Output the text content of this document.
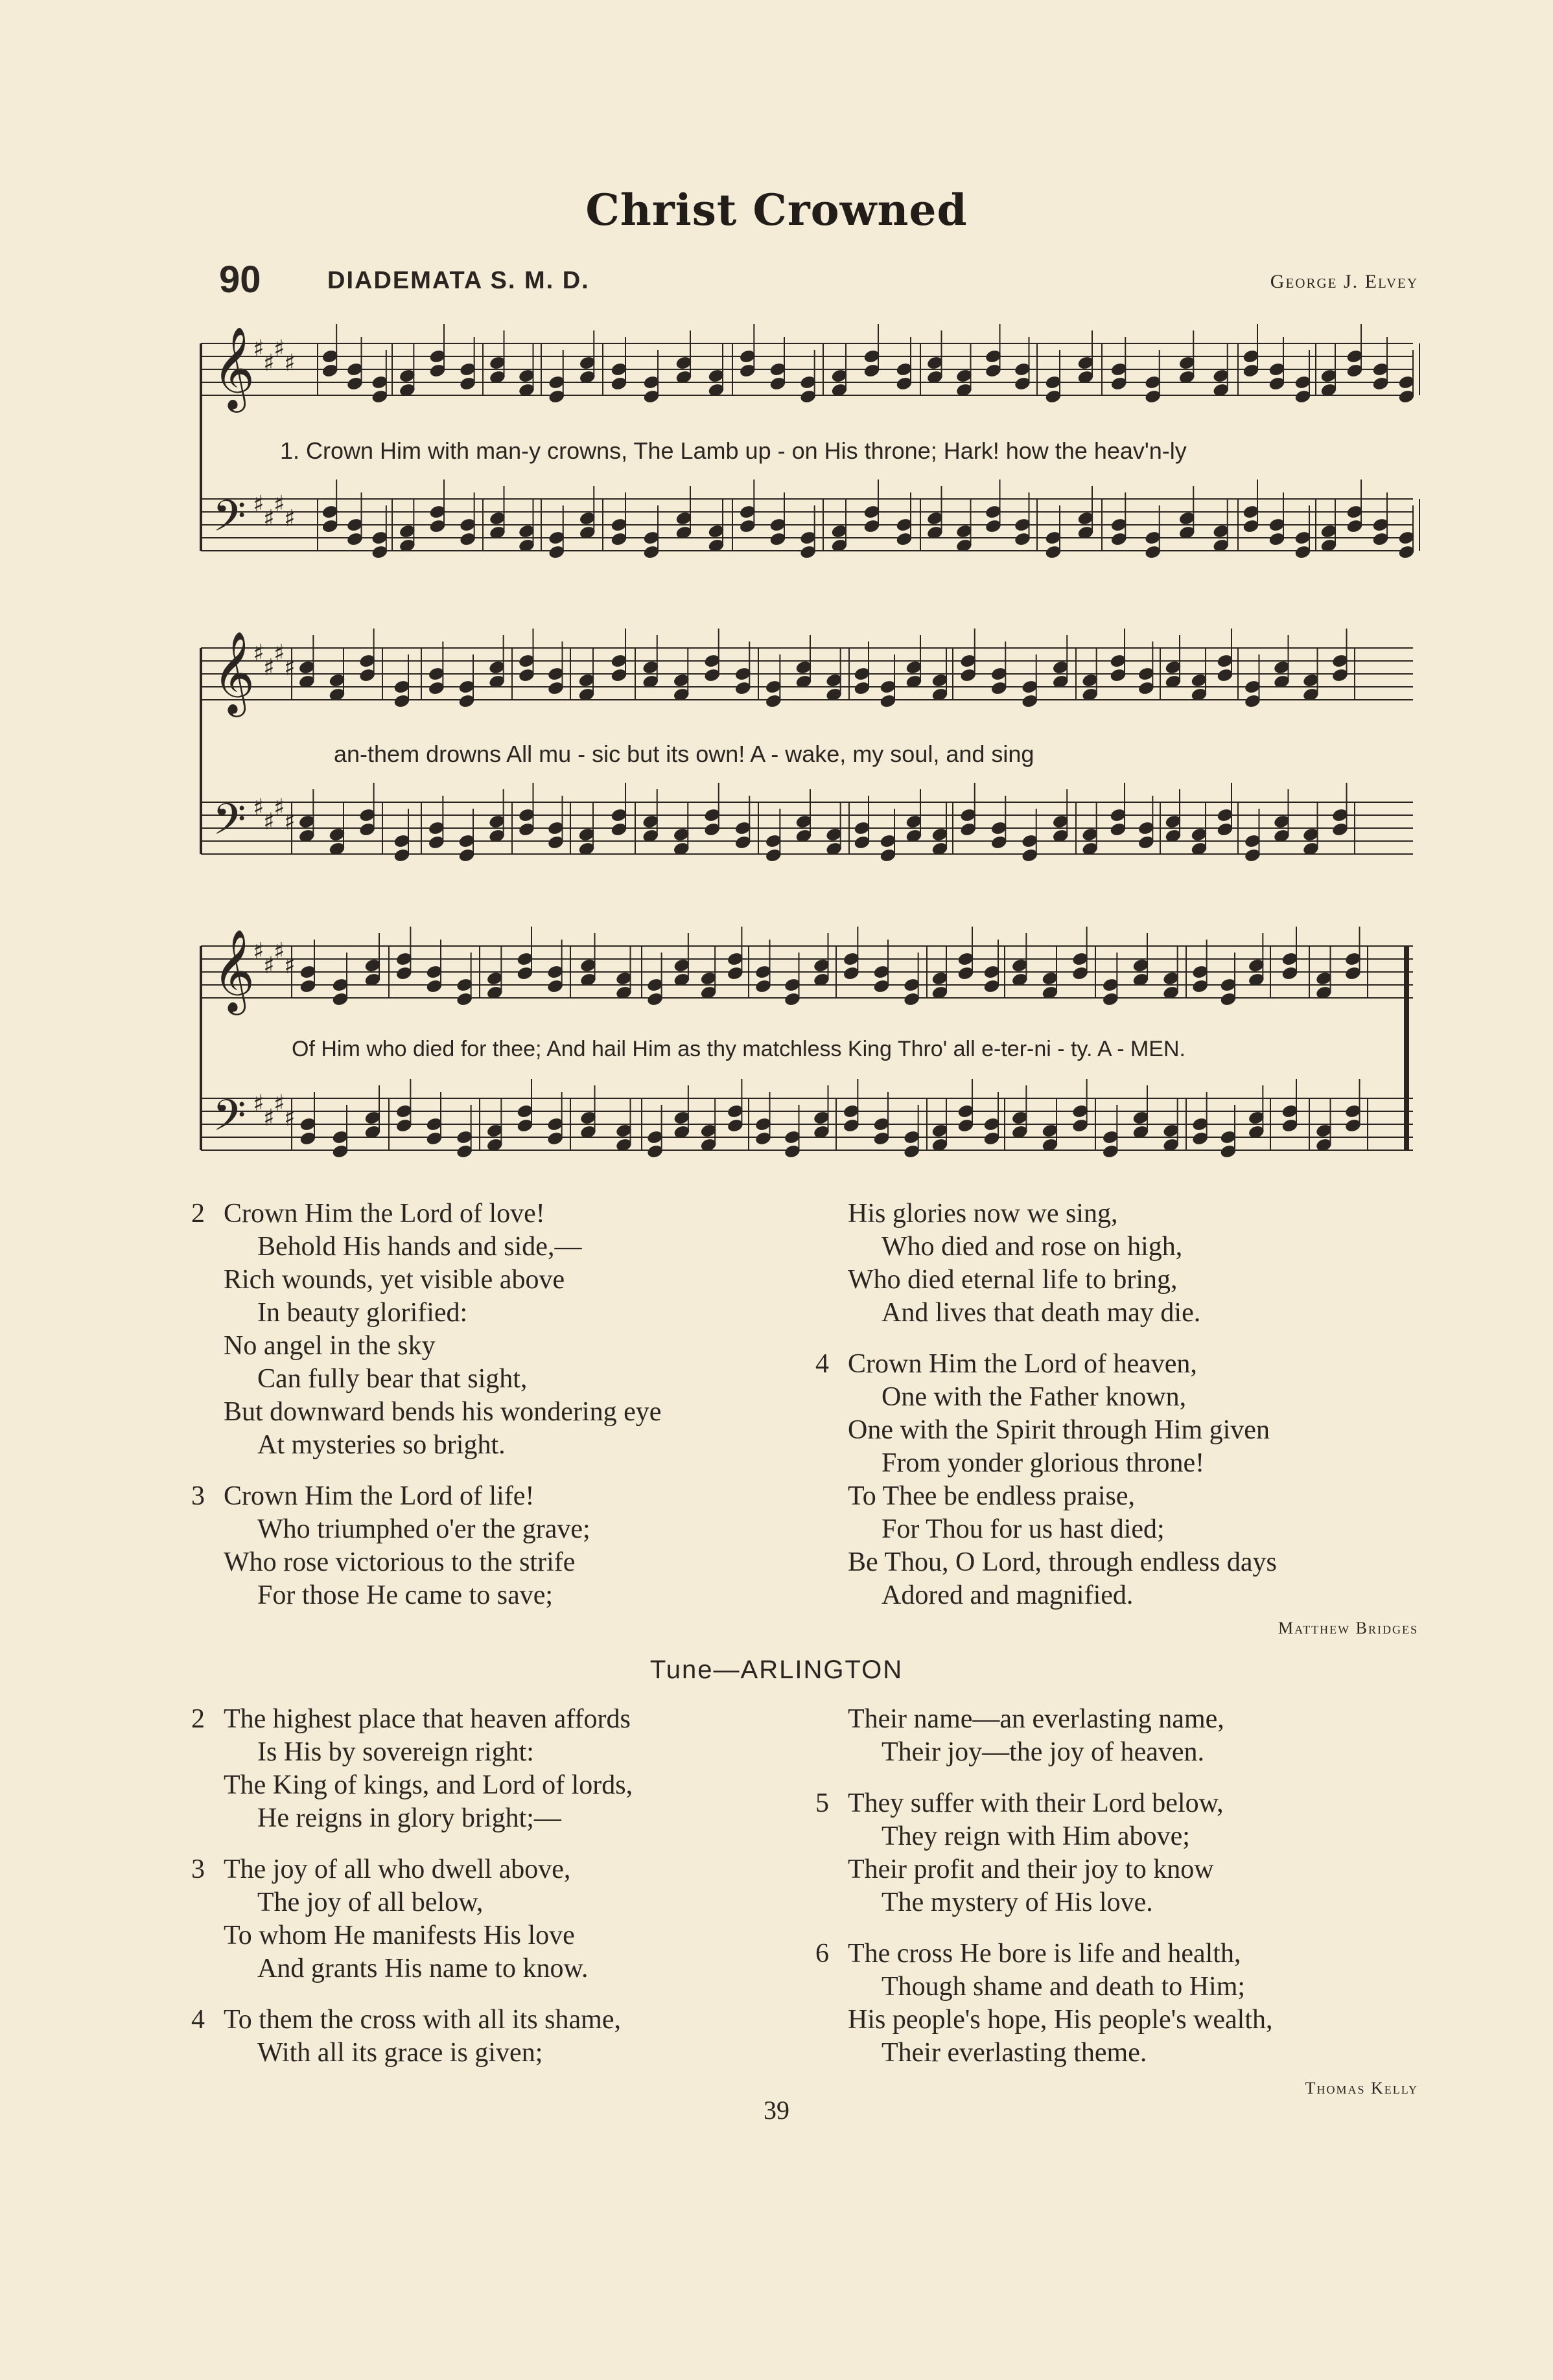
Christ Crowned
90	DIADEMATA S. M. D.	George J. Elvey
𝄞
♯
♯
♯
♯
𝄢 ♯
♯
♯
♯
𝄞
♯
♯
♯
♯
𝄢 ♯
♯
♯
♯
𝄞
♯
♯
♯
♯
𝄢 ♯
♯
♯
♯
1. Crown Him with man-y crowns, The Lamb up - on His throne; Hark! how the heav'n-ly
an-them drowns All mu - sic but its own! A - wake, my soul, and sing
Of Him who died for thee; And hail Him as thy matchless King Thro' all e-ter-ni - ty. A - MEN.
2 Crown Him the Lord of love!
Behold His hands and side,—
Rich wounds, yet visible above
In beauty glorified:
No angel in the sky
Can fully bear that sight,
But downward bends his wondering eye
At mysteries so bright.
3 Crown Him the Lord of life!
Who triumphed o'er the grave;
Who rose victorious to the strife
For those He came to save;
His glories now we sing,
Who died and rose on high,
Who died eternal life to bring,
And lives that death may die.
4 Crown Him the Lord of heaven,
One with the Father known,
One with the Spirit through Him given
From yonder glorious throne!
To Thee be endless praise,
For Thou for us hast died;
Be Thou, O Lord, through endless days
Adored and magnified.
Matthew Bridges
Tune—ARLINGTON
2 The highest place that heaven affords
Is His by sovereign right:
The King of kings, and Lord of lords,
He reigns in glory bright;—
3 The joy of all who dwell above,
The joy of all below,
To whom He manifests His love
And grants His name to know.
4 To them the cross with all its shame,
With all its grace is given;
Their name—an everlasting name,
Their joy—the joy of heaven.
5 They suffer with their Lord below,
They reign with Him above;
Their profit and their joy to know
The mystery of His love.
6 The cross He bore is life and health,
Though shame and death to Him;
His people's hope, His people's wealth,
Their everlasting theme.
Thomas Kelly
39
